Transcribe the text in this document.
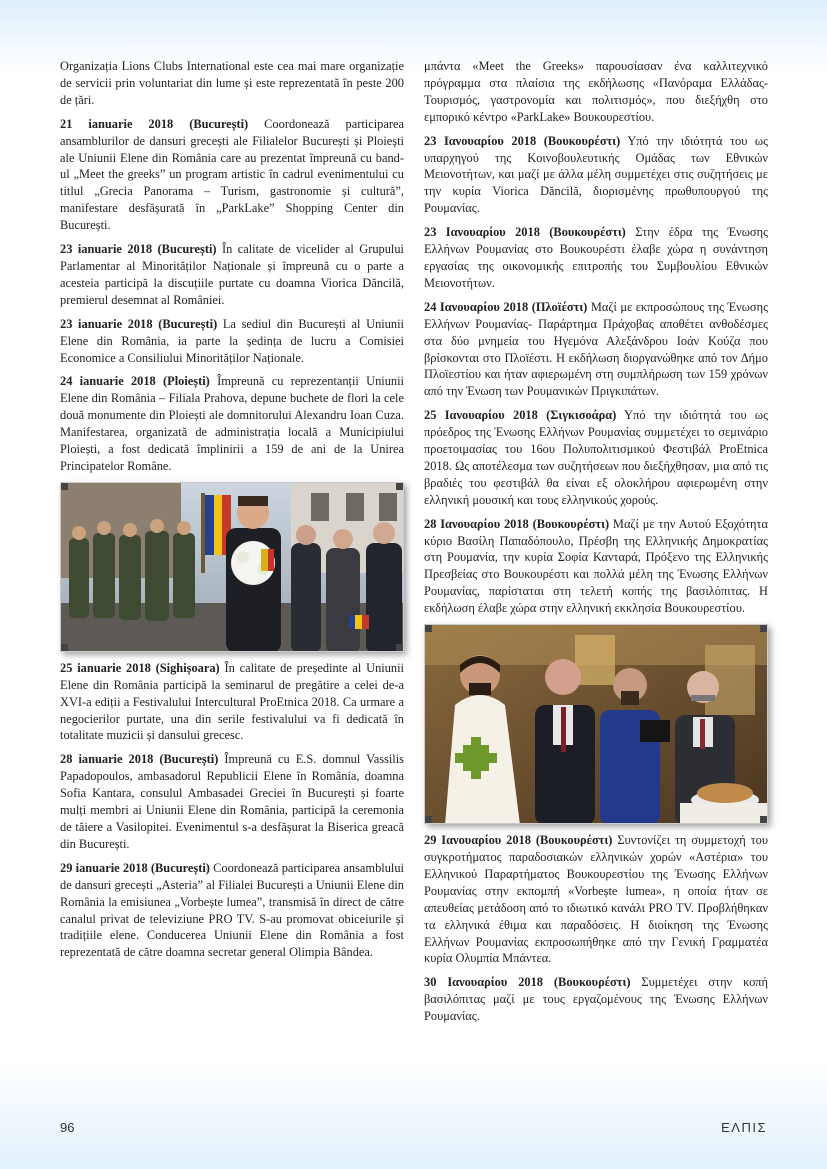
Organizația Lions Clubs International este cea mai mare organizație de servicii prin voluntariat din lume și este reprezentată în peste 200 de țări.

21 ianuarie 2018 (București) Coordonează participarea ansamblurilor de dansuri grecești ale Filialelor București și Ploiești ale Uniunii Elene din România care au prezentat împreună cu band-ul „Meet the greeks” un program artistic în cadrul evenimentului cu titlul „Grecia Panorama – Turism, gastronomie și cultură”, manifestare desfășurată în „ParkLake” Shopping Center din București.

23 ianuarie 2018 (București) În calitate de vicelider al Grupului Parlamentar al Minorităților Naționale și împreună cu o parte a acesteia participă la discuțiile purtate cu doamna Viorica Dăncilă, premierul desemnat al României.

23 ianuarie 2018 (București) La sediul din București al Uniunii Elene din România, ia parte la ședința de lucru a Comisiei Economice a Consiliului Minorităților Naționale.

24 ianuarie 2018 (Ploiești) Împreună cu reprezentanții Uniunii Elene din România – Filiala Prahova, depune buchete de flori la cele două monumente din Ploiești ale domnitorului Alexandru Ioan Cuza. Manifestarea, organizată de administrația locală a Municipiului Ploiești, a fost dedicată împlinirii a 159 de ani de la Unirea Principatelor Române.

25 ianuarie 2018 (Sighișoara) În calitate de președinte al Uniunii Elene din România participă la seminarul de pregătire a celei de-a XVI-a ediții a Festivalului Intercultural ProEtnica 2018. Ca urmare a negocierilor purtate, una din serile festivalului va fi dedicată în totalitate muzicii și dansului grecesc.

28 ianuarie 2018 (București) Împreună cu E.S. domnul Vassilis Papadopoulos, ambasadorul Republicii Elene în România, doamna Sofia Kantara, consulul Ambasadei Greciei în București și foarte mulți membri ai Uniunii Elene din România, participă la ceremonia de tăiere a Vasilopitei. Evenimentul s-a desfășurat la Biserica greacă din București.

29 ianuarie 2018 (București) Coordonează participarea ansamblului de dansuri grecești „Asteria” al Filialei București a Uniunii Elene din România la emisiunea „Vorbește lumea”, transmisă în direct de către canalul privat de televiziune PRO TV. S-au promovat obiceiurile și tradițiile elene. Conducerea Uniunii Elene din România a fost reprezentată de către doamna secretar general Olimpia Bândea.

μπάντα «Meet the Greeks» παρουσίασαν ένα καλλιτεχνικό πρόγραμμα στα πλαίσια της εκδήλωσης «Πανόραμα Ελλάδας- Τουρισμός, γαστρονομία και πολιτισμός», που διεξήχθη στο εμπορικό κέντρο «ParkLake» Βουκουρεστίου.

23 Ιανουαρίου 2018 (Βουκουρέστι) Υπό την ιδιότητά του ως υπαρχηγού της Κοινοβουλευτικής Ομάδας των Εθνικών Μειονοτήτων, και μαζί με άλλα μέλη συμμετέχει στις συζητήσεις με την κυρία Viorica Dăncilă, διορισμένης πρωθυπουργού της Ρουμανίας.

23 Ιανουαρίου 2018 (Βουκουρέστι) Στην έδρα της Ένωσης Ελλήνων Ρουμανίας στο Βουκουρέστι έλαβε χώρα η συνάντηση εργασίας της οικονομικής επιτροπής του Συμβουλίου Εθνικών Μειονοτήτων.

24 Ιανουαρίου 2018 (Πλοϊέστι) Μαζί με εκπροσώπους της Ένωσης Ελλήνων Ρουμανίας- Παράρτημα Πράχοβας αποθέτει ανθοδέσμες στα δύο μνημεία του Ηγεμόνα Αλεξάνδρου Ιοάν Κούζα που βρίσκονται στο Πλοϊέστι. Η εκδήλωση διοργανώθηκε από τον Δήμο Πλοϊεστίου και ήταν αφιερωμένη στη συμπλήρωση των 159 χρόνων από την Ένωση των Ρουμανικών Πριγκιπάτων.

25 Ιανουαρίου 2018 (Σιγκισοάρα) Υπό την ιδιότητά του ως πρόεδρος της Ένωσης Ελλήνων Ρουμανίας συμμετέχει το σεμινάριο προετοιμασίας του 16ου Πολυπολιτισμικού Φεστιβάλ ProEtnica 2018. Ως αποτέλεσμα των συζητήσεων που διεξήχθησαν, μια από τις βραδιές του φεστιβάλ θα είναι εξ ολοκλήρου αφιερωμένη στην ελληνική μουσική και τους ελληνικούς χορούς.

28 Ιανουαρίου 2018 (Βουκουρέστι) Μαζί με την Αυτού Εξοχότητα κύριο Βασίλη Παπαδόπουλο, Πρέσβη της Ελληνικής Δημοκρατίας στη Ρουμανία, την κυρία Σοφία Κανταρά, Πρόξενο της Ελληνικής Πρεσβείας στο Βουκουρέστι και πολλά μέλη της Ένωσης Ελλήνων Ρουμανίας, παρίσταται στη τελετή κοπής της βασιλόπιτας. Η εκδήλωση έλαβε χώρα στην ελληνική εκκλησία Βουκουρεστίου.

29 Ιανουαρίου 2018 (Βουκουρέστι) Συντονίζει τη συμμετοχή του συγκροτήματος παραδοσιακών ελληνικών χορών «Αστέρια» του Ελληνικού Παραρτήματος Βουκουρεστίου της Ένωσης Ελλήνων Ρουμανίας στην εκπομπή «Vorbește lumea», η οποία ήταν σε απευθείας μετάδοση από το ιδιωτικό κανάλι PRO TV. Προβλήθηκαν τα ελληνικά έθιμα και παραδόσεις. Η διοίκηση της Ένωσης Ελλήνων Ρουμανίας εκπροσωπήθηκε από την Γενική Γραμματέα κυρία Ολυμπία Μπάντεα.

30 Ιανουαρίου 2018 (Βουκουρέστι) Συμμετέχει στην κοπή βασιλόπιτας μαζί με τους εργαζομένους της Ένωσης Ελλήνων Ρουμανίας.

96	ΕΛΠΙΣ
